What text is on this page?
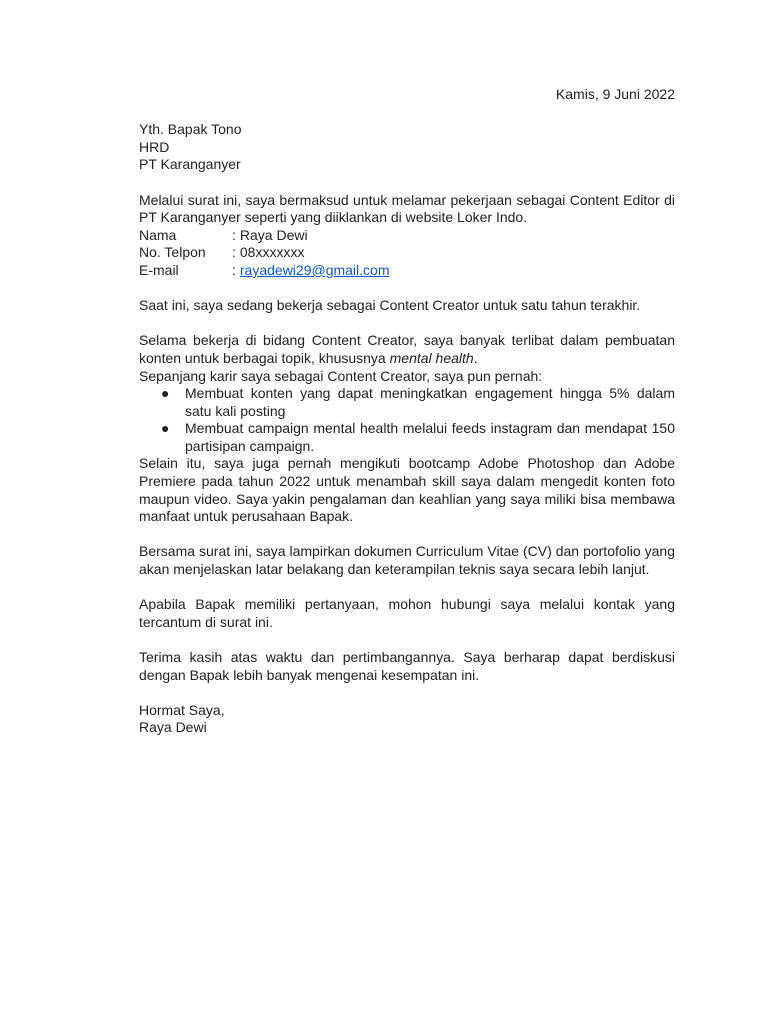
Kamis, 9 Juni 2022

Yth. Bapak Tono

HRD

PT Karanganyer

Melalui surat ini, saya bermaksud untuk melamar pekerjaan sebagai Content Editor di PT Karanganyer seperti yang diiklankan di website Loker Indo.

Nama	: Raya Dewi
No. Telpon	: 08xxxxxxx
E-mail	: rayadewi29@gmail.com

Saat ini, saya sedang bekerja sebagai Content Creator untuk satu tahun terakhir.

Selama bekerja di bidang Content Creator, saya banyak terlibat dalam pembuatan konten untuk berbagai topik, khususnya mental health.

Sepanjang karir saya sebagai Content Creator, saya pun pernah:

● Membuat konten yang dapat meningkatkan engagement hingga 5% dalam satu kali posting
● Membuat campaign mental health melalui feeds instagram dan mendapat 150 partisipan campaign.

Selain itu, saya juga pernah mengikuti bootcamp Adobe Photoshop dan Adobe Premiere pada tahun 2022 untuk menambah skill saya dalam mengedit konten foto maupun video. Saya yakin pengalaman dan keahlian yang saya miliki bisa membawa manfaat untuk perusahaan Bapak.

Bersama surat ini, saya lampirkan dokumen Curriculum Vitae (CV) dan portofolio yang akan menjelaskan latar belakang dan keterampilan teknis saya secara lebih lanjut.

Apabila Bapak memiliki pertanyaan, mohon hubungi saya melalui kontak yang tercantum di surat ini.

Terima kasih atas waktu dan pertimbangannya. Saya berharap dapat berdiskusi dengan Bapak lebih banyak mengenai kesempatan ini.

Hormat Saya,

Raya Dewi
